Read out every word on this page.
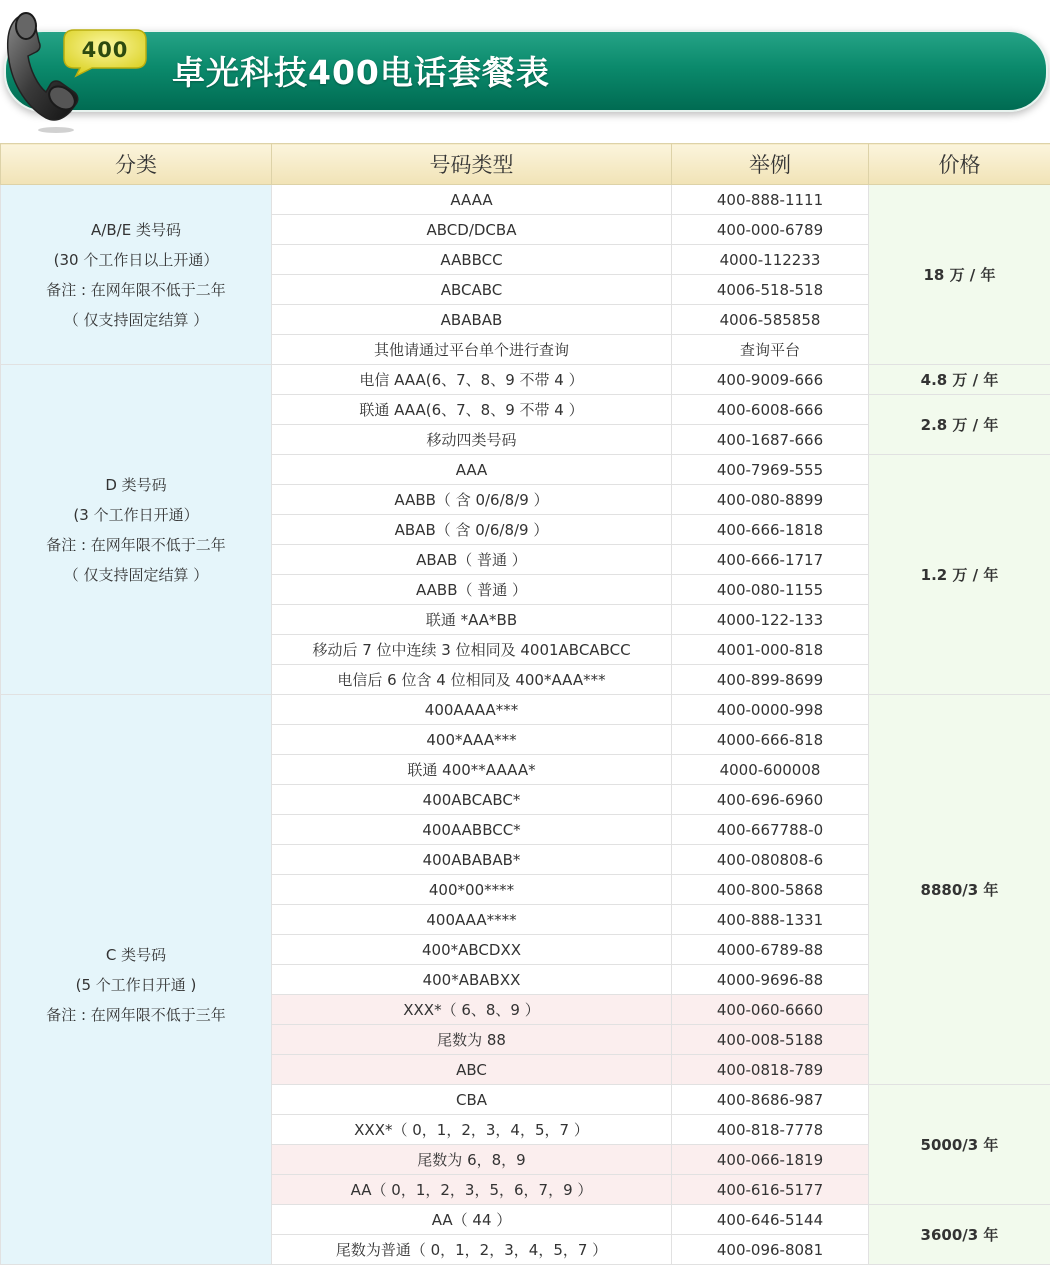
400
卓光科技400电话套餐表
分类	号码类型	举例	价格

A/B/E 类号码
(30 个工作日以上开通）
备注 : 在网年限不低于二年
（ 仅支持固定结算 ）	AAAA	400-888-1111	18 万 / 年
	ABCD/DCBA	400-000-6789	
	AABBCC	4000-112233	
	ABCABC	4006-518-518	
	ABABAB	4006-585858	
	其他请通过平台单个进行查询	查询平台	

D 类号码
(3 个工作日开通）
备注 : 在网年限不低于二年
（ 仅支持固定结算 ）	电信 AAA(6、7、8、9 不带 4 ）	400-9009-666	4.8 万 / 年
	联通 AAA(6、7、8、9 不带 4 ）	400-6008-666	2.8 万 / 年
	移动四类号码	400-1687-666	
	AAA	400-7969-555	1.2 万 / 年
	AABB（ 含 0/6/8/9 ）	400-080-8899	
	ABAB（ 含 0/6/8/9 ）	400-666-1818	
	ABAB（ 普通 ）	400-666-1717	
	AABB（ 普通 ）	400-080-1155	
	联通 *AA*BB	4000-122-133	
	移动后 7 位中连续 3 位相同及 4001ABCABCC	4001-000-818	
	电信后 6 位含 4 位相同及 400*AAA***	400-899-8699	

C 类号码
(5 个工作日开通 )
备注 : 在网年限不低于三年	400AAAA***	400-0000-998	8880/3 年
	400*AAA***	4000-666-818	
	联通 400**AAAA*	4000-600008	
	400ABCABC*	400-696-6960	
	400AABBCC*	400-667788-0	
	400ABABAB*	400-080808-6	
	400*00****	400-800-5868	
	400AAA****	400-888-1331	
	400*ABCDXX	4000-6789-88	
	400*ABABXX	4000-9696-88	
	XXX*（ 6、8、9 ）	400-060-6660	
	尾数为 88	400-008-5188	
	ABC	400-0818-789	
	CBA	400-8686-987	5000/3 年
	XXX*（ 0，1，2，3，4，5，7 ）	400-818-7778	
	尾数为 6，8，9	400-066-1819	
	AA（ 0，1，2，3，5，6，7，9 ）	400-616-5177	
	AA（ 44 ）	400-646-5144	3600/3 年
	尾数为普通（ 0，1，2，3，4，5，7 ）	400-096-8081	
